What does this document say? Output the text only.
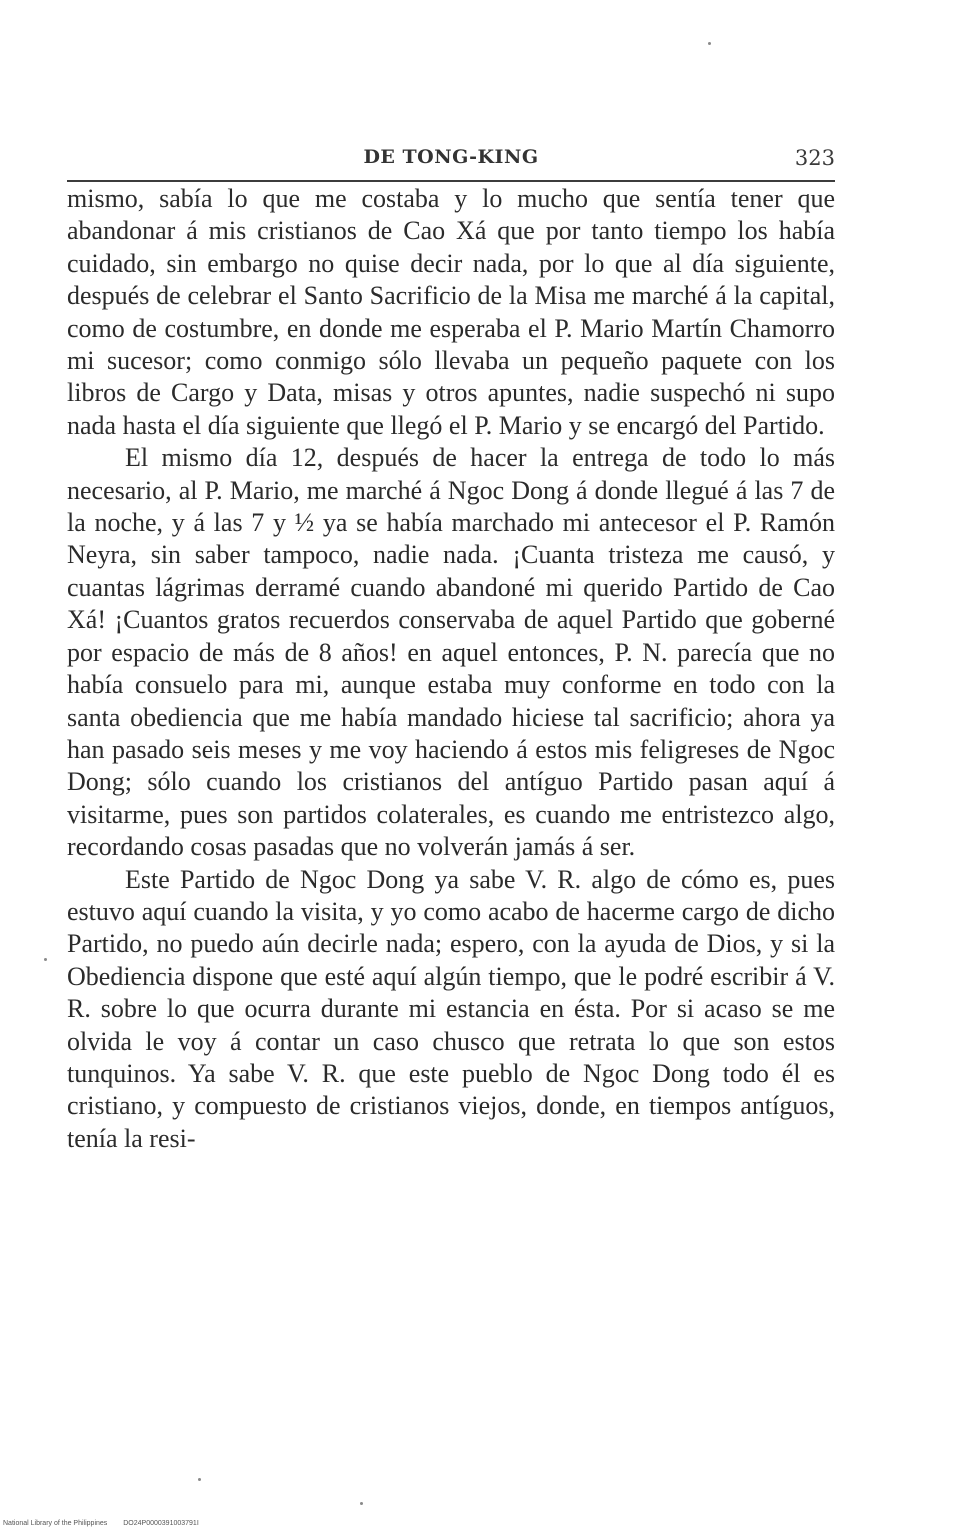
DE TONG-KING	323

mismo, sabía lo que me costaba y lo mucho que sentía tener que abandonar á mis cristianos de Cao Xá que por tanto tiempo los había cuidado, sin embargo no quise decir nada, por lo que al día siguiente, después de celebrar el Santo Sacrificio de la Misa me marché á la capital, como de costumbre, en donde me esperaba el P. Mario Martín Chamorro mi sucesor; como conmigo sólo llevaba un pequeño paquete con los libros de Cargo y Data, misas y otros apuntes, nadie suspechó ni supo nada hasta el día siguiente que llegó el P. Mario y se encargó del Partido.

El mismo día 12, después de hacer la entrega de todo lo más necesario, al P. Mario, me marché á Ngoc Dong á donde llegué á las 7 de la noche, y á las 7 y ½ ya se había marchado mi antecesor el P. Ramón Neyra, sin saber tampoco, nadie nada. ¡Cuanta tristeza me causó, y cuantas lágrimas derramé cuando abandoné mi querido Partido de Cao Xá! ¡Cuantos gratos recuerdos conservaba de aquel Partido que goberné por espacio de más de 8 años! en aquel entonces, P. N. parecía que no había consuelo para mi, aunque estaba muy conforme en todo con la santa obediencia que me había mandado hiciese tal sacrificio; ahora ya han pasado seis meses y me voy haciendo á estos mis feligreses de Ngoc Dong; sólo cuando los cristianos del antíguo Partido pasan aquí á visitarme, pues son partidos colaterales, es cuando me entristezco algo, recordando cosas pasadas que no volverán jamás á ser.

Este Partido de Ngoc Dong ya sabe V. R. algo de cómo es, pues estuvo aquí cuando la visita, y yo como acabo de hacerme cargo de dicho Partido, no puedo aún decirle nada; espero, con la ayuda de Dios, y si la Obediencia dispone que esté aquí algún tiempo, que le podré escribir á V. R. sobre lo que ocurra durante mi estancia en ésta. Por si acaso se me olvida le voy á contar un caso chusco que retrata lo que son estos tunquinos. Ya sabe V. R. que este pueblo de Ngoc Dong todo él es cristiano, y compuesto de cristianos viejos, donde, en tiempos antíguos, tenía la resi-

National Library of the Philippines DO24P0000391003791I
